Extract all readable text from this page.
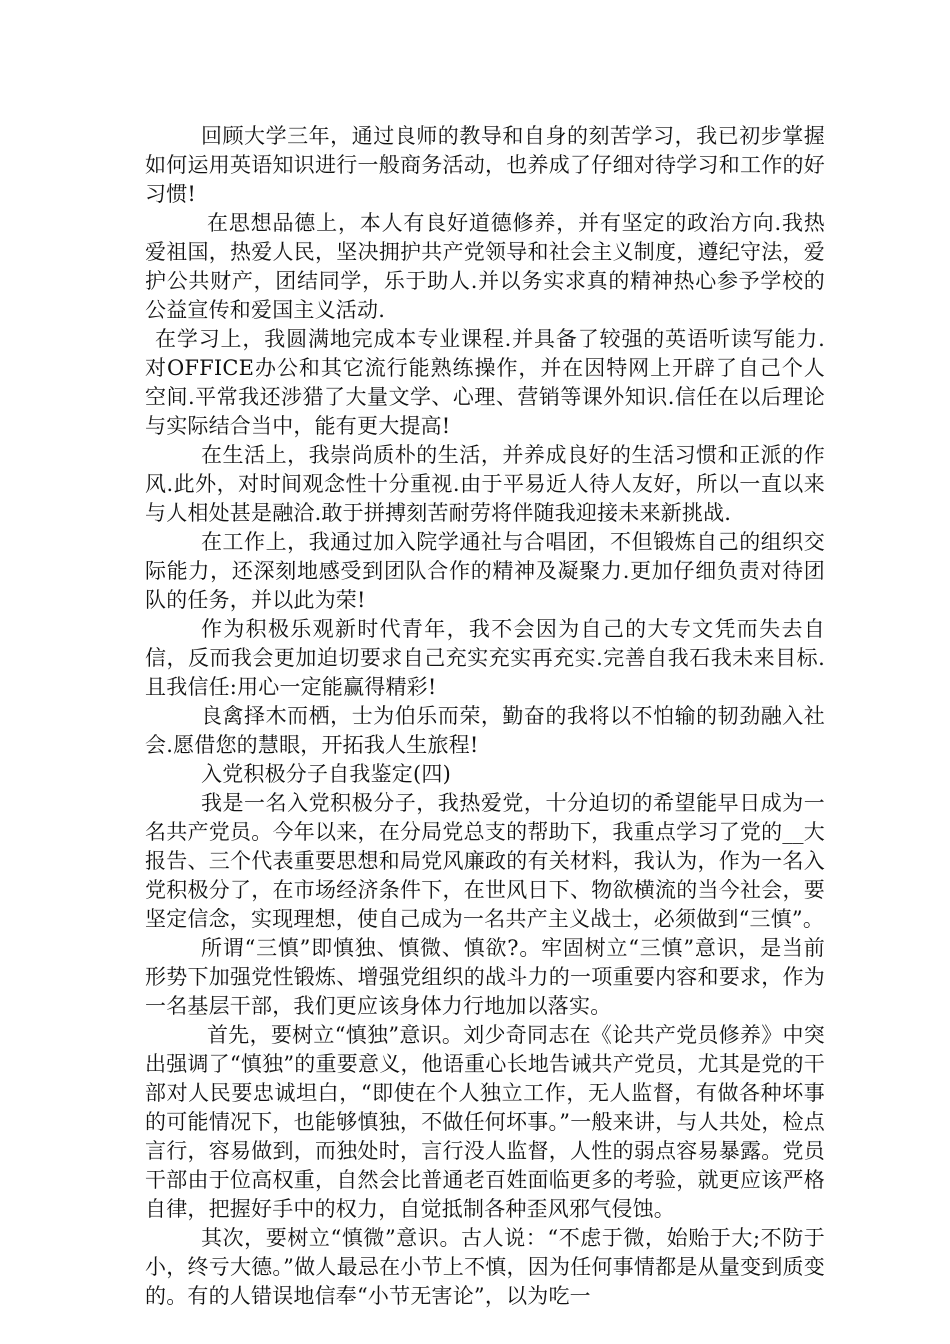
回顾大学三年，通过良师的教导和自身的刻苦学习，我已初步掌握如何运用英语知识进行一般商务活动，也养成了仔细对待学习和工作的好习惯!

在思想品德上，本人有良好道德修养，并有坚定的政治方向.我热爱祖国，热爱人民，坚决拥护共产党领导和社会主义制度，遵纪守法，爱护公共财产，团结同学，乐于助人.并以务实求真的精神热心参予学校的公益宣传和爱国主义活动.

在学习上，我圆满地完成本专业课程.并具备了较强的英语听读写能力.对OFFICE办公和其它流行能熟练操作，并在因特网上开辟了自己个人空间.平常我还涉猎了大量文学、心理、营销等课外知识.信任在以后理论与实际结合当中，能有更大提高!

在生活上，我崇尚质朴的生活，并养成良好的生活习惯和正派的作风.此外，对时间观念性十分重视.由于平易近人待人友好，所以一直以来与人相处甚是融洽.敢于拼搏刻苦耐劳将伴随我迎接未来新挑战.

在工作上，我通过加入院学通社与合唱团，不但锻炼自己的组织交际能力，还深刻地感受到团队合作的精神及凝聚力.更加仔细负责对待团队的任务，并以此为荣!

作为积极乐观新时代青年，我不会因为自己的大专文凭而失去自信，反而我会更加迫切要求自己充实充实再充实.完善自我石我未来目标.且我信任:用心一定能赢得精彩!

良禽择木而栖，士为伯乐而荣，勤奋的我将以不怕输的韧劲融入社会.愿借您的慧眼，开拓我人生旅程!

入党积极分子自我鉴定(四)

我是一名入党积极分子，我热爱党，十分迫切的希望能早日成为一名共产党员。今年以来，在分局党总支的帮助下，我重点学习了党的__大报告、三个代表重要思想和局党风廉政的有关材料，我认为，作为一名入党积极分了，在市场经济条件下，在世风日下、物欲横流的当今社会，要坚定信念，实现理想，使自己成为一名共产主义战士，必须做到“三慎”。

所谓“三慎”即慎独、慎微、慎欲?。牢固树立“三慎”意识，是当前形势下加强党性锻炼、增强党组织的战斗力的一项重要内容和要求，作为一名基层干部，我们更应该身体力行地加以落实。

首先，要树立“慎独”意识。刘少奇同志在《论共产党员修养》中突出强调了“慎独”的重要意义，他语重心长地告诫共产党员，尤其是党的干部对人民要忠诚坦白，“即使在个人独立工作，无人监督，有做各种坏事的可能情况下，也能够慎独，不做任何坏事。”一般来讲，与人共处，检点言行，容易做到，而独处时，言行没人监督，人性的弱点容易暴露。党员干部由于位高权重，自然会比普通老百姓面临更多的考验，就更应该严格自律，把握好手中的权力，自觉抵制各种歪风邪气侵蚀。

其次，要树立“慎微”意识。古人说：“不虑于微，始贻于大;不防于小，终亏大德。”做人最忌在小节上不慎，因为任何事情都是从量变到质变的。有的人错误地信奉“小节无害论”，以为吃一
